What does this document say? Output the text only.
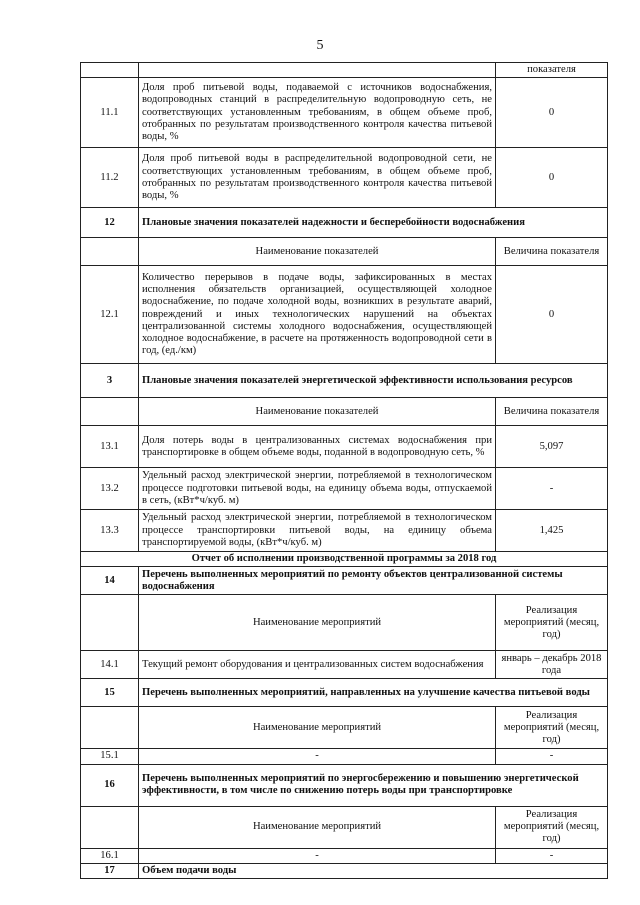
5
		показателя
11.1	Доля проб питьевой воды, подаваемой с источников водоснабжения, водопроводных станций в распределительную водопроводную сеть, не соответствующих установленным требованиям, в общем объеме проб, отобранных по результатам производственного контроля качества питьевой воды, %	0
11.2	Доля проб питьевой воды в распределительной водопроводной сети, не соответствующих установленным требованиям, в общем объеме проб, отобранных по результатам производственного контроля качества питьевой воды, %	0
12	Плановые значения показателей надежности и бесперебойности водоснабжения	
	Наименование показателей	Величина показателя
12.1	Количество перерывов в подаче воды, зафиксированных в местах исполнения обязательств организацией, осуществляющей холодное водоснабжение, по подаче холодной воды, возникших в результате аварий, повреждений и иных технологических нарушений на объектах централизованной системы холодного водоснабжения, осуществляющей холодное водоснабжение, в расчете на протяженность водопроводной сети в год, (ед./км)	0
3	Плановые значения показателей энергетической эффективности использования ресурсов	
	Наименование показателей	Величина показателя
13.1	Доля потерь воды в централизованных системах водоснабжения при транспортировке в общем объеме воды, поданной в водопроводную сеть, %	5,097
13.2	Удельный расход электрической энергии, потребляемой в технологическом процессе подготовки питьевой воды, на единицу объема воды, отпускаемой в сеть, (кВт*ч/куб. м)	-
13.3	Удельный расход электрической энергии, потребляемой в технологическом процессе транспортировки питьевой воды, на единицу объема транспортируемой воды, (кВт*ч/куб. м)	1,425
Отчет об исполнении производственной программы за 2018 год		
14	Перечень выполненных мероприятий по ремонту объектов централизованной системы водоснабжения	
	Наименование мероприятий	Реализация мероприятий (месяц, год)
14.1	Текущий ремонт оборудования и централизованных систем водоснабжения	январь – декабрь 2018 года
15	Перечень выполненных мероприятий, направленных на улучшение качества питьевой воды	
	Наименование мероприятий	Реализация мероприятий (месяц, год)
15.1	-	-
16	Перечень выполненных мероприятий по энергосбережению и повышению энергетической эффективности, в том числе по снижению потерь воды при транспортировке	
	Наименование мероприятий	Реализация мероприятий (месяц, год)
16.1	-	-
17	Объем подачи воды	
